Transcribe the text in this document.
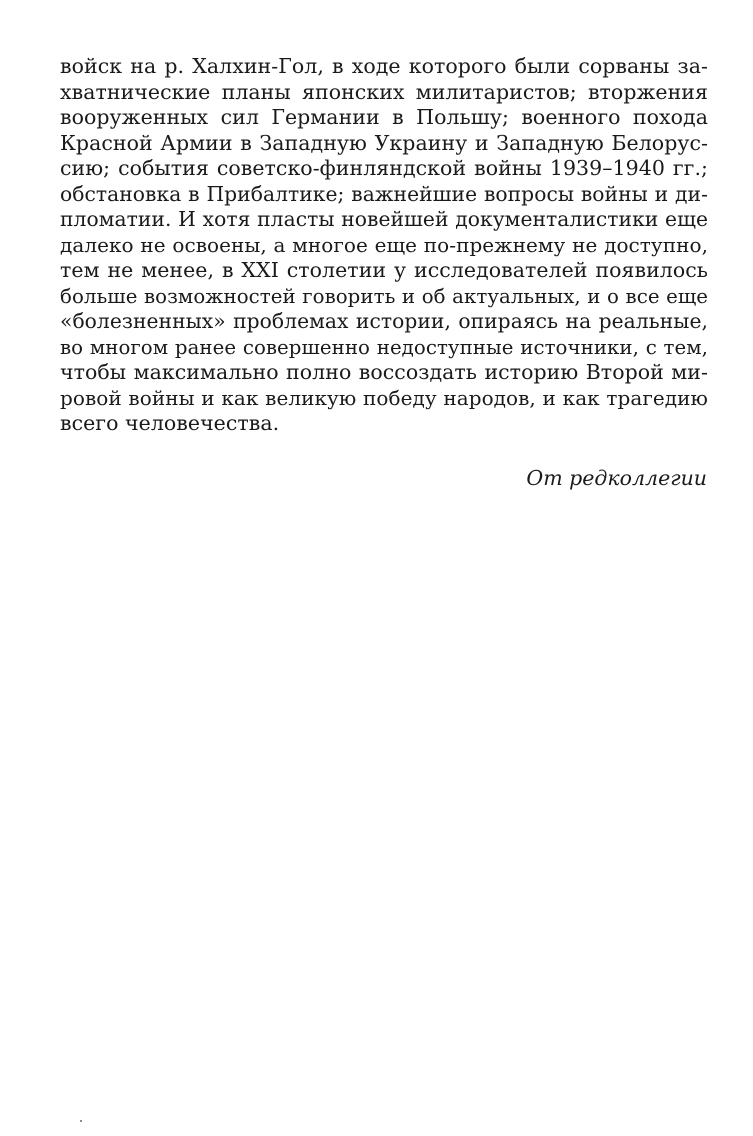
войск на р. Халхин-Гол, в ходе которого были сорваны за-
хватнические планы японских милитаристов; вторжения
вооруженных сил Германии в Польшу; военного похода
Красной Армии в Западную Украину и Западную Белорус-
сию; события советско-финляндской войны 1939–1940 гг.;
обстановка в Прибалтике; важнейшие вопросы войны и ди-
пломатии. И хотя пласты новейшей документалистики еще
далеко не освоены, а многое еще по-прежнему не доступно,
тем не менее, в XXI столетии у исследователей появилось
больше возможностей говорить и об актуальных, и о все еще
«болезненных» проблемах истории, опираясь на реальные,
во многом ранее совершенно недоступные источники, с тем,
чтобы максимально полно воссоздать историю Второй ми-
ровой войны и как великую победу народов, и как трагедию
всего человечества.
От редколлегии
